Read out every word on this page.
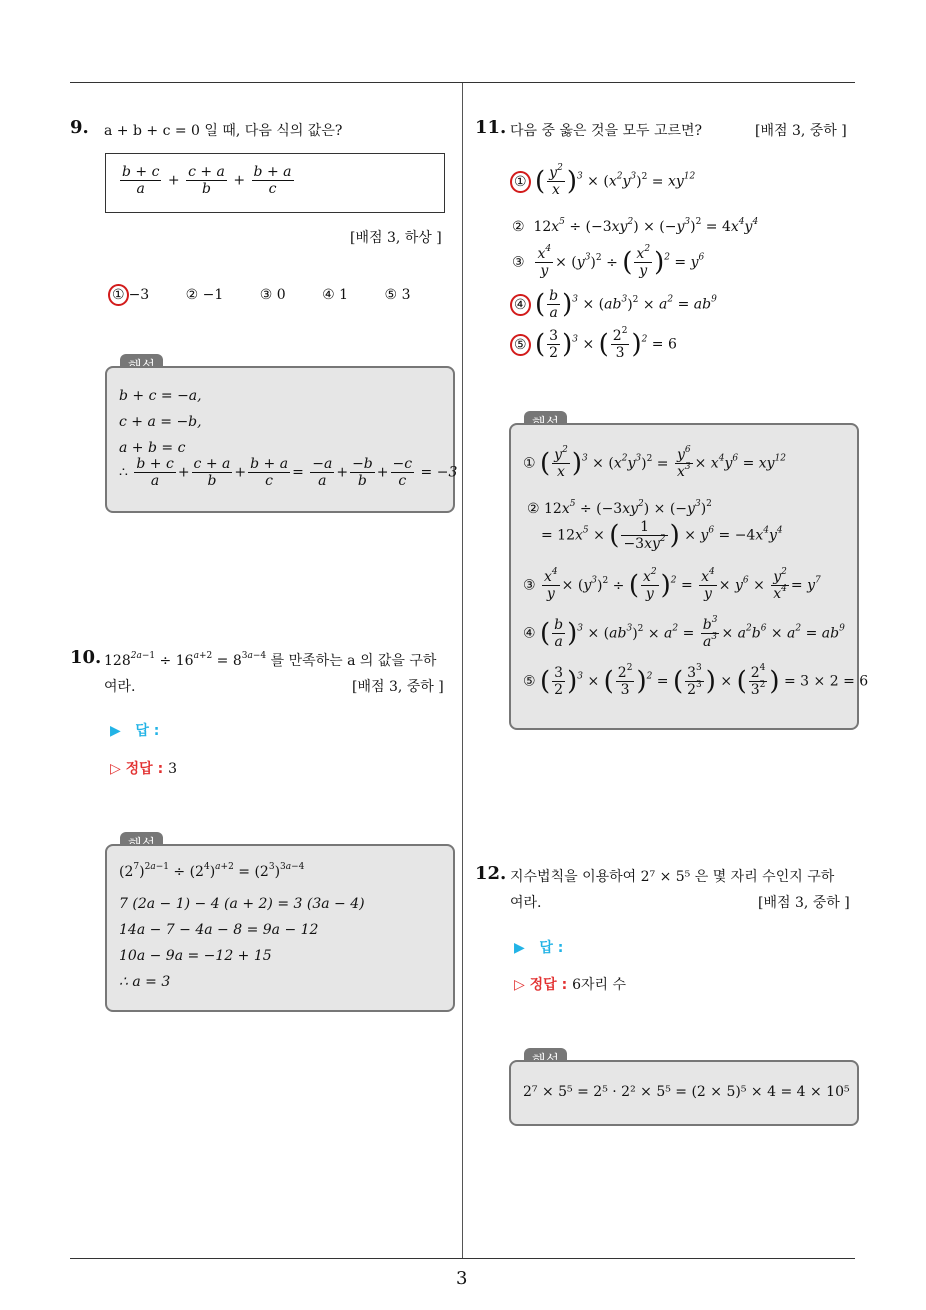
3
9. a + b + c = 0 일 때, 다음 식의 값은?
$\frac{b + c}{a} + \frac{c + a}{b} + \frac{b + a}{c}$
[배점 3, 하상 ]
① −3	② −1	③ 0	④ 1	⑤ 3
b + c = −a,
c + a = −b,
a + b = c
∴ $\frac{b + c}{a} + \frac{c + a}{b} + \frac{b + a}{c} = \frac{-a}{a} + \frac{-b}{b} + \frac{-c}{c} = -3$
10. $128^{2a-1} \div 16^{a+2} = 8^{3a-4}$ 를 만족하는 a 의 값을 구하
여라.	[배점 3, 중하 ]
▶ 답 :
▷ 정답 : 3
$(2^7)^{2a-1} \div (2^4)^{a+2} = (2^3)^{3a-4}$
7 (2a − 1) − 4 (a + 2) = 3 (3a − 4)
14a − 7 − 4a − 8 = 9a − 12
10a − 9a = −12 + 15
∴ a = 3
11. 다음 중 옳은 것을 모두 고르면?	[배점 3, 중하 ]
① ( $\frac{y^2}{x} )^3 \times (x^2y^3)^2 = xy^{12}$
②  $12x^5 \div (-3xy^2) \times (-y^3)^2 = 4x^4y^4$
③ $\frac{x^4}{y} \times (y^3)^2$ ÷ ( $\frac{x^2}{y} )^2 = y^6$
④ ( $\frac{b}{a} )^3 \times (ab^3)^2 \times a^2 = ab^9$
⑤ ( $\frac{3}{2} )^3$ × ( $\frac{2^2}{3} )^2 = 6$
① ( $\frac{y^2}{x} )^3 \times (x^2y^3)^2 = \frac{y^6}{x^3} \times x^4y^6 = xy^{12}$
② $12x^5 \div (-3xy^2) \times (-y^3)^2$
= $12x^5$ × ( $\frac{1}{-3xy^2}$ ) × $y^6 = -4x^4y^4$
③ $\frac{x^4}{y} \times (y^3)^2$ ÷ ( $\frac{x^2}{y} )^2 = \frac{x^4}{y} \times y^6 \times \frac{y^2}{x^4} = y^7$
④ ( $\frac{b}{a} )^3 \times (ab^3)^2 \times a^2 = \frac{b^3}{a^3} \times a^2b^6 \times a^2 = ab^9$
⑤ ( $\frac{3}{2} )^3$ × ( $\frac{2^2}{3} )^2$ = ( $\frac{3^3}{2^3}$ ) × ( $\frac{2^4}{3^2}$ ) = 3 × 2 = 6
12. 지수법칙을 이용하여 2⁷ × 5⁵ 은 몇 자리 수인지 구하
여라.	[배점 3, 중하 ]
▶ 답 :
▷ 정답 : 6자리 수
2⁷ × 5⁵ = 2⁵ · 2² × 5⁵ = (2 × 5)⁵ × 4 = 4 × 10⁵
